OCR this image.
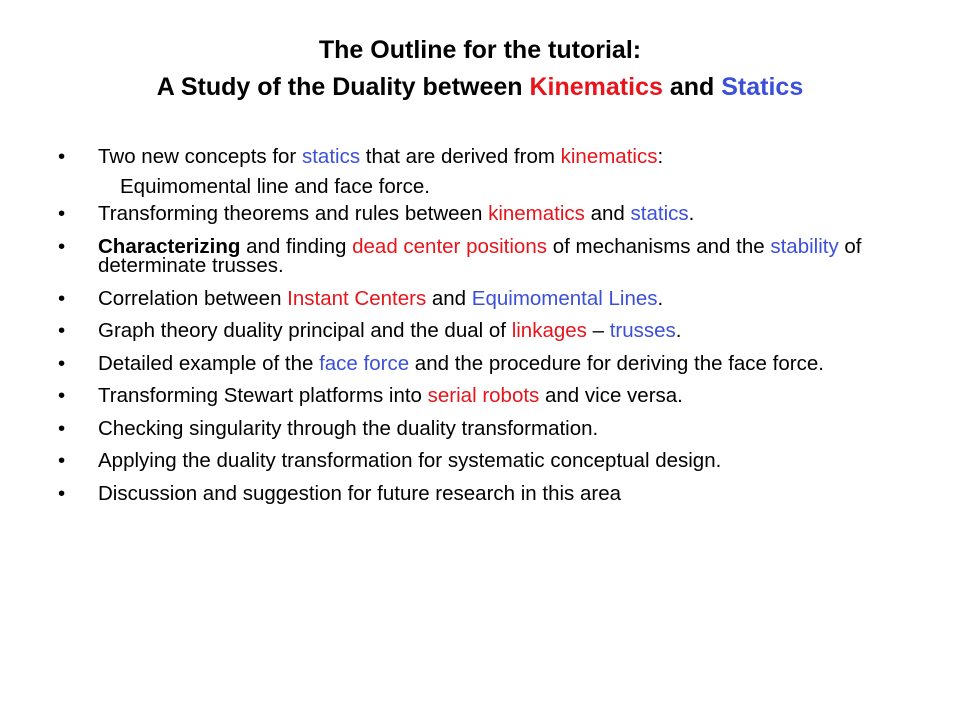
The Outline for the tutorial:
A Study of the Duality between Kinematics and Statics
• Two new concepts for statics that are derived from kinematics:
Equimomental line and face force.
• Transforming theorems and rules between kinematics and statics.
• Characterizing and finding dead center positions of mechanisms and the stability of determinate trusses.
• Correlation between Instant Centers and Equimomental Lines.
• Graph theory duality principal and the dual of linkages – trusses.
• Detailed example of the face force and the procedure for deriving the face force.
• Transforming Stewart platforms into serial robots and vice versa.
• Checking singularity through the duality transformation.
• Applying the duality transformation for systematic conceptual design.
• Discussion and suggestion for future research in this area
